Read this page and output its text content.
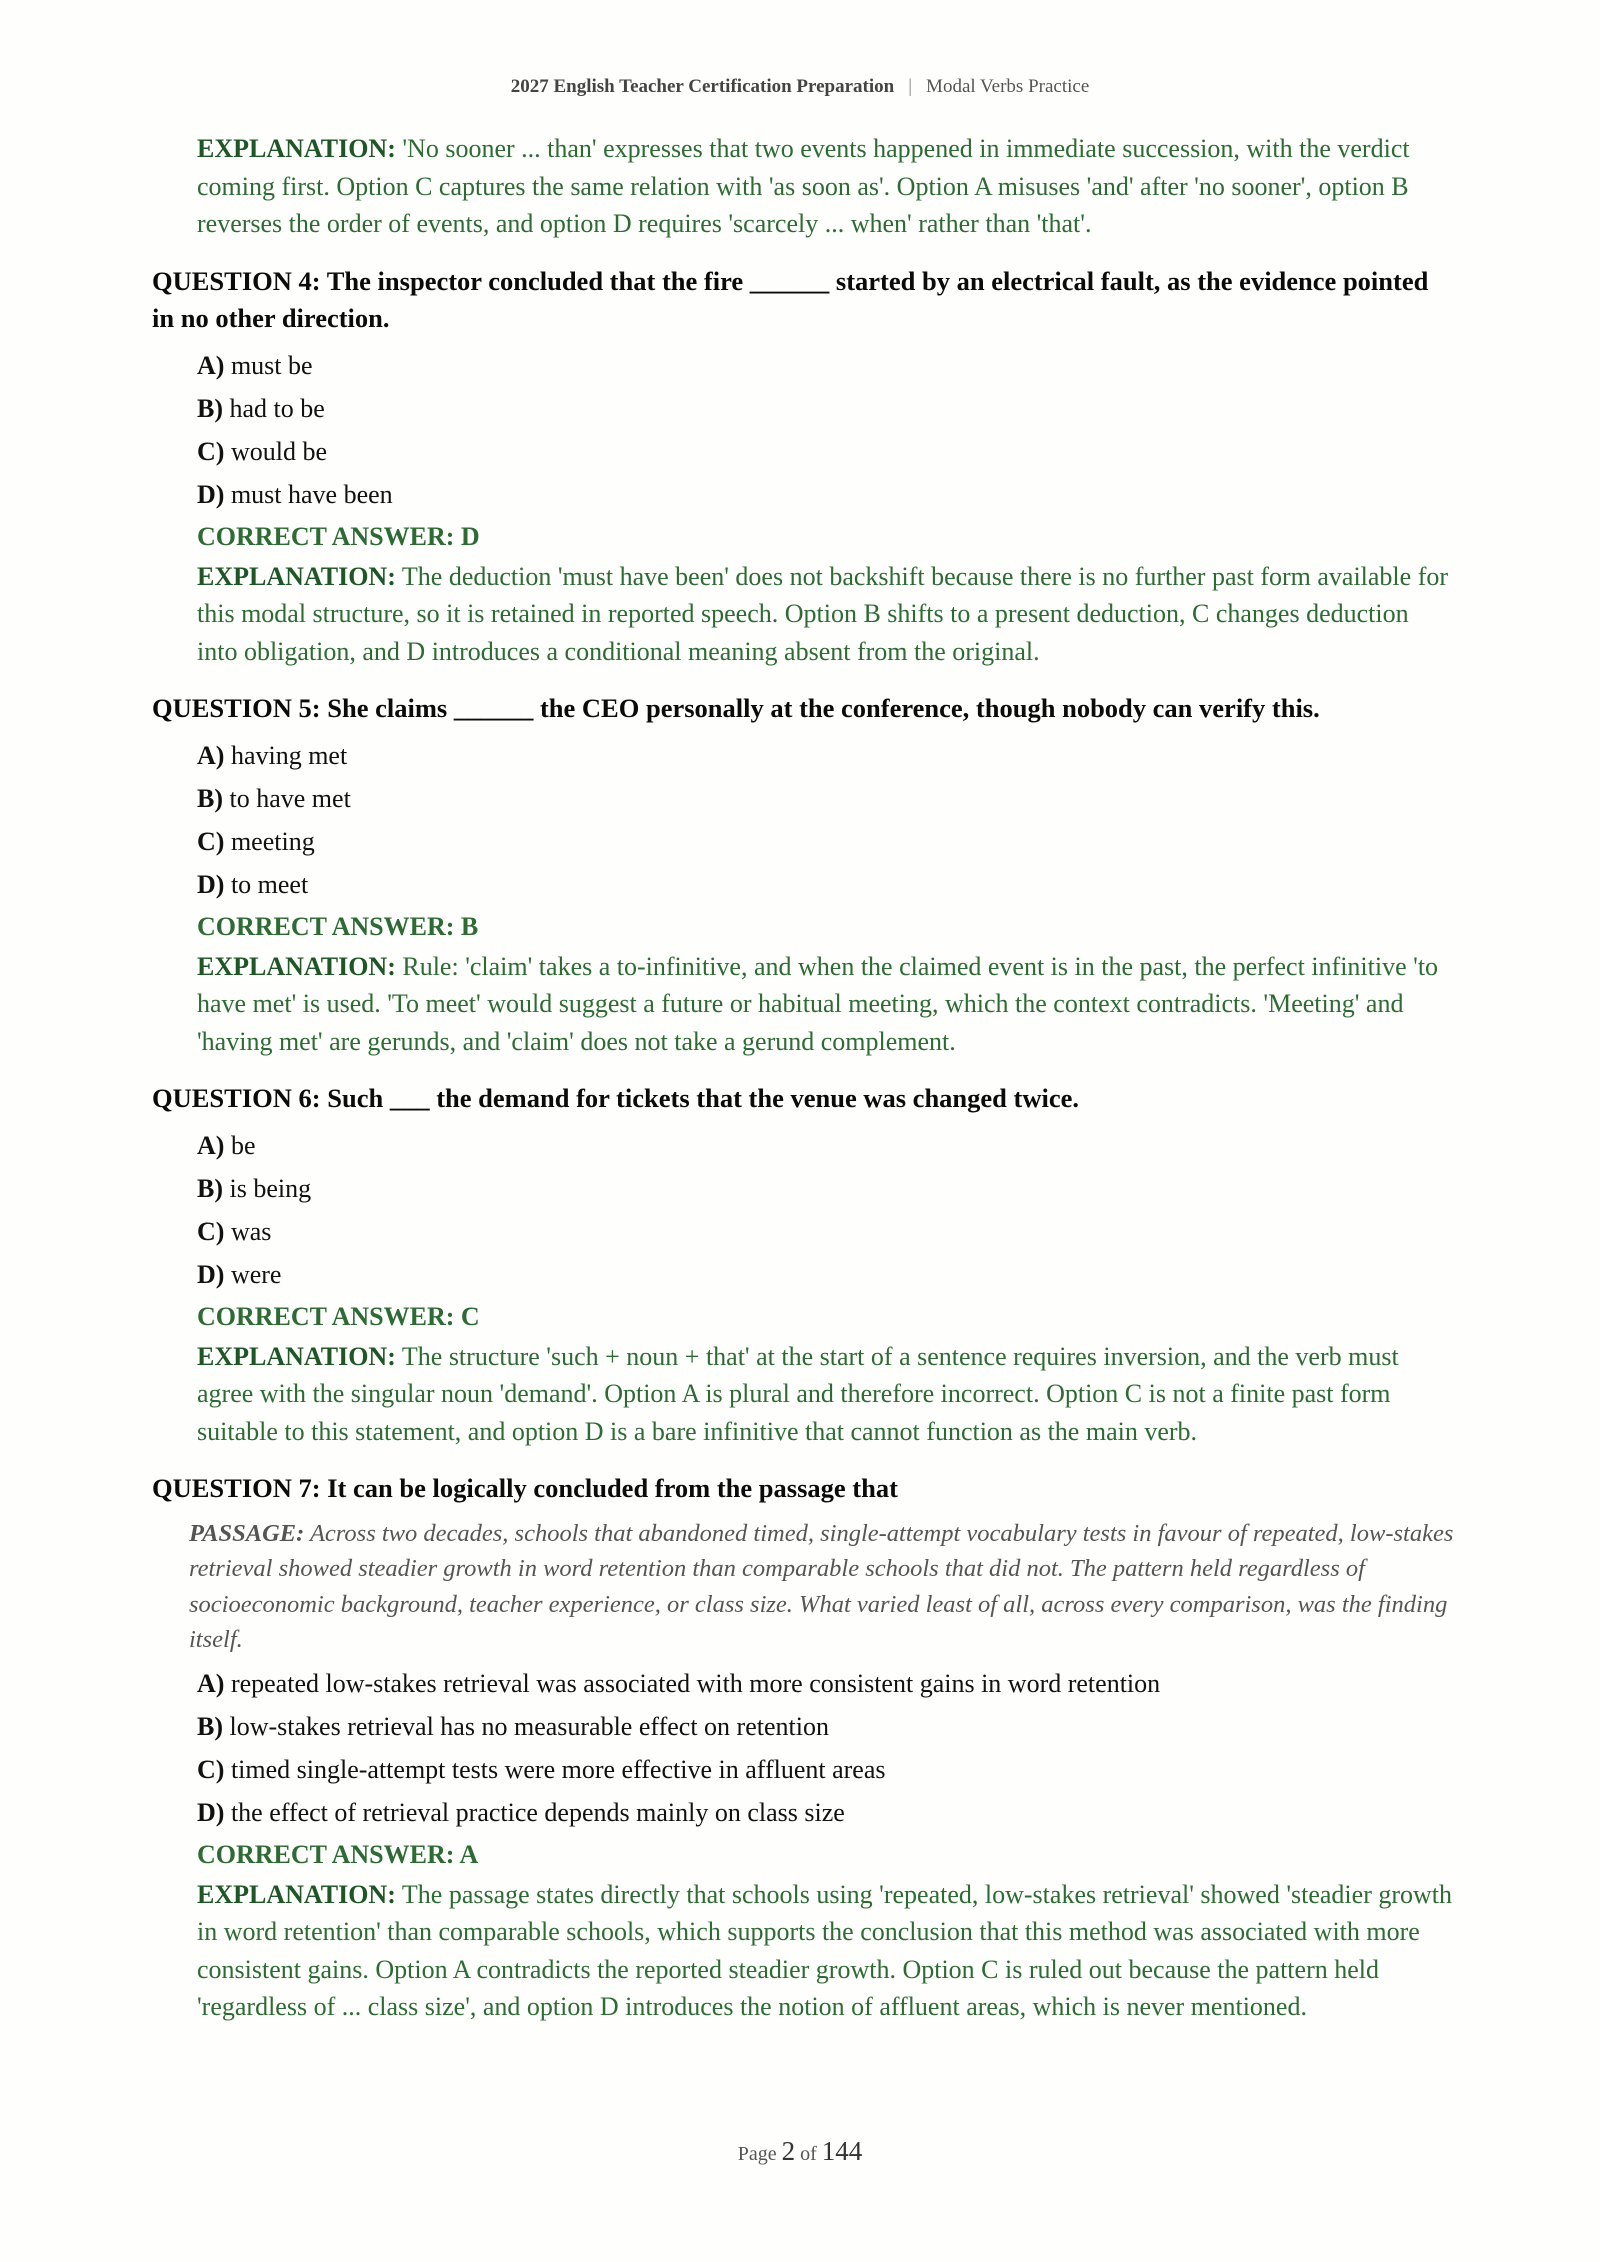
2027 English Teacher Certification Preparation | Modal Verbs Practice
EXPLANATION: 'No sooner ... than' expresses that two events happened in immediate succession, with the verdict coming first. Option C captures the same relation with 'as soon as'. Option A misuses 'and' after 'no sooner', option B reverses the order of events, and option D requires 'scarcely ... when' rather than 'that'.
QUESTION 4: The inspector concluded that the fire ______ started by an electrical fault, as the evidence pointed in no other direction.
A) must be
B) had to be
C) would be
D) must have been
CORRECT ANSWER: D
EXPLANATION: The deduction 'must have been' does not backshift because there is no further past form available for this modal structure, so it is retained in reported speech. Option B shifts to a present deduction, C changes deduction into obligation, and D introduces a conditional meaning absent from the original.
QUESTION 5: She claims ______ the CEO personally at the conference, though nobody can verify this.
A) having met
B) to have met
C) meeting
D) to meet
CORRECT ANSWER: B
EXPLANATION: Rule: 'claim' takes a to-infinitive, and when the claimed event is in the past, the perfect infinitive 'to have met' is used. 'To meet' would suggest a future or habitual meeting, which the context contradicts. 'Meeting' and 'having met' are gerunds, and 'claim' does not take a gerund complement.
QUESTION 6: Such ___ the demand for tickets that the venue was changed twice.
A) be
B) is being
C) was
D) were
CORRECT ANSWER: C
EXPLANATION: The structure 'such + noun + that' at the start of a sentence requires inversion, and the verb must agree with the singular noun 'demand'. Option A is plural and therefore incorrect. Option C is not a finite past form suitable to this statement, and option D is a bare infinitive that cannot function as the main verb.
QUESTION 7: It can be logically concluded from the passage that
PASSAGE: Across two decades, schools that abandoned timed, single-attempt vocabulary tests in favour of repeated, low-stakes retrieval showed steadier growth in word retention than comparable schools that did not. The pattern held regardless of socioeconomic background, teacher experience, or class size. What varied least of all, across every comparison, was the finding itself.
A) repeated low-stakes retrieval was associated with more consistent gains in word retention
B) low-stakes retrieval has no measurable effect on retention
C) timed single-attempt tests were more effective in affluent areas
D) the effect of retrieval practice depends mainly on class size
CORRECT ANSWER: A
EXPLANATION: The passage states directly that schools using 'repeated, low-stakes retrieval' showed 'steadier growth in word retention' than comparable schools, which supports the conclusion that this method was associated with more consistent gains. Option A contradicts the reported steadier growth. Option C is ruled out because the pattern held 'regardless of ... class size', and option D introduces the notion of affluent areas, which is never mentioned.
Page 2 of 144
